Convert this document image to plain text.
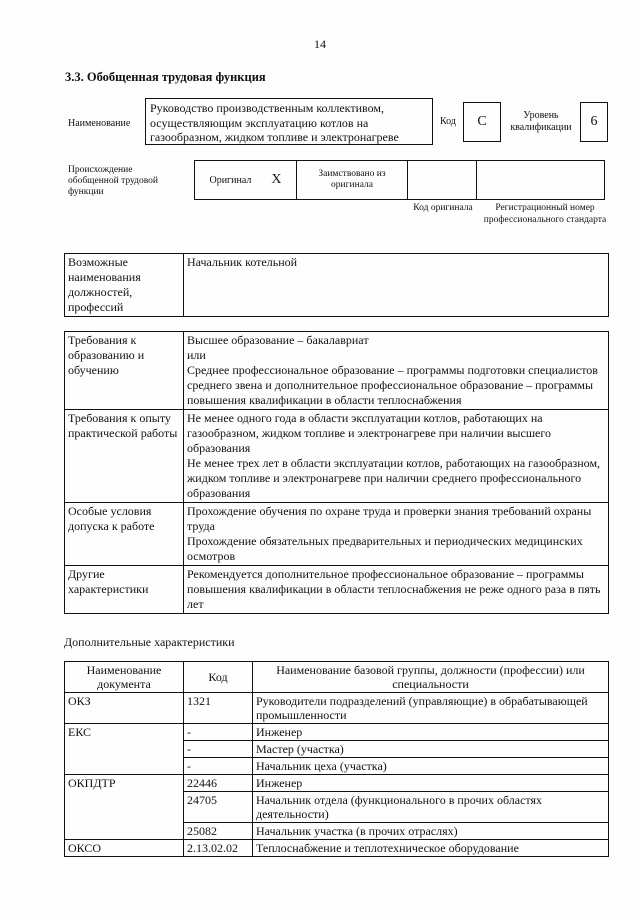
14
3.3. Обобщенная трудовая функция
Наименование
Руководство производственным коллективом, осуществляющим эксплуатацию котлов на газообразном, жидком топливе и электронагреве
Код	С	Уровень квалификации	6
Происхождение обобщенной трудовой функции
Оригинал Х	Заимствовано из оригинала
Код оригинала	Регистрационный номер профессионального стандарта
Возможные наименования должностей, профессий	Начальник котельной
Требования к образованию и обучению	Высшее образование – бакалавриат
или
Среднее профессиональное образование – программы подготовки специалистов среднего звена и дополнительное профессиональное образование – программы повышения квалификации в области теплоснабжения

Требования к опыту практической работы	Не менее одного года в области эксплуатации котлов, работающих на газообразном, жидком топливе и электронагреве при наличии высшего образования
Не менее трех лет в области эксплуатации котлов, работающих на газообразном, жидком топливе и электронагреве при наличии среднего профессионального образования

Особые условия допуска к работе	Прохождение обучения по охране труда и проверки знания требований охраны труда
Прохождение обязательных предварительных и периодических медицинских осмотров

Другие характеристики	Рекомендуется дополнительное профессиональное образование – программы повышения квалификации в области теплоснабжения не реже одного раза в пять лет
Дополнительные характеристики
Наименование документа	Код	Наименование базовой группы, должности (профессии) или специальности
ОКЗ	1321	Руководители подразделений (управляющие) в обрабатывающей промышленности
ЕКС	-	Инженер
	-	Мастер (участка)
	-	Начальник цеха (участка)
ОКПДТР	22446	Инженер
	24705	Начальник отдела (функционального в прочих областях деятельности)
	25082	Начальник участка (в прочих отраслях)
ОКСО	2.13.02.02	Теплоснабжение и теплотехническое оборудование
